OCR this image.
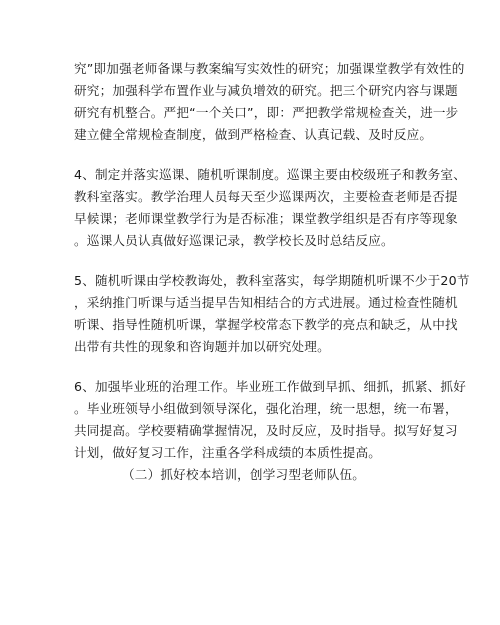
究”即加强老师备课与教案编写实效性的研究；加强课堂教学有效性的
研究；加强科学布置作业与减负增效的研究。把三个研究内容与课题
研究有机整合。严把“一个关口”，即：严把教学常规检查关，进一步
建立健全常规检查制度，做到严格检查、认真记载、及时反应。
4、制定并落实巡课、随机听课制度。巡课主要由校级班子和教务室、
教科室落实。教学治理人员每天至少巡课两次，主要检查老师是否提
早候课；老师课堂教学行为是否标准；课堂教学组织是否有序等现象
。巡课人员认真做好巡课记录，教学校长及时总结反应。
5、随机听课由学校教诲处，教科室落实，每学期随机听课不少于20节
，采纳推门听课与适当提早告知相结合的方式进展。通过检查性随机
听课、指导性随机听课，掌握学校常态下教学的亮点和缺乏，从中找
出带有共性的现象和咨询题并加以研究处理。
6、加强毕业班的治理工作。毕业班工作做到早抓、细抓，抓紧、抓好
。毕业班领导小组做到领导深化，强化治理，统一思想，统一布署，
共同提高。学校要精确掌握情况，及时反应，及时指导。拟写好复习
计划，做好复习工作，注重各学科成绩的本质性提高。
（二）抓好校本培训，创学习型老师队伍。
